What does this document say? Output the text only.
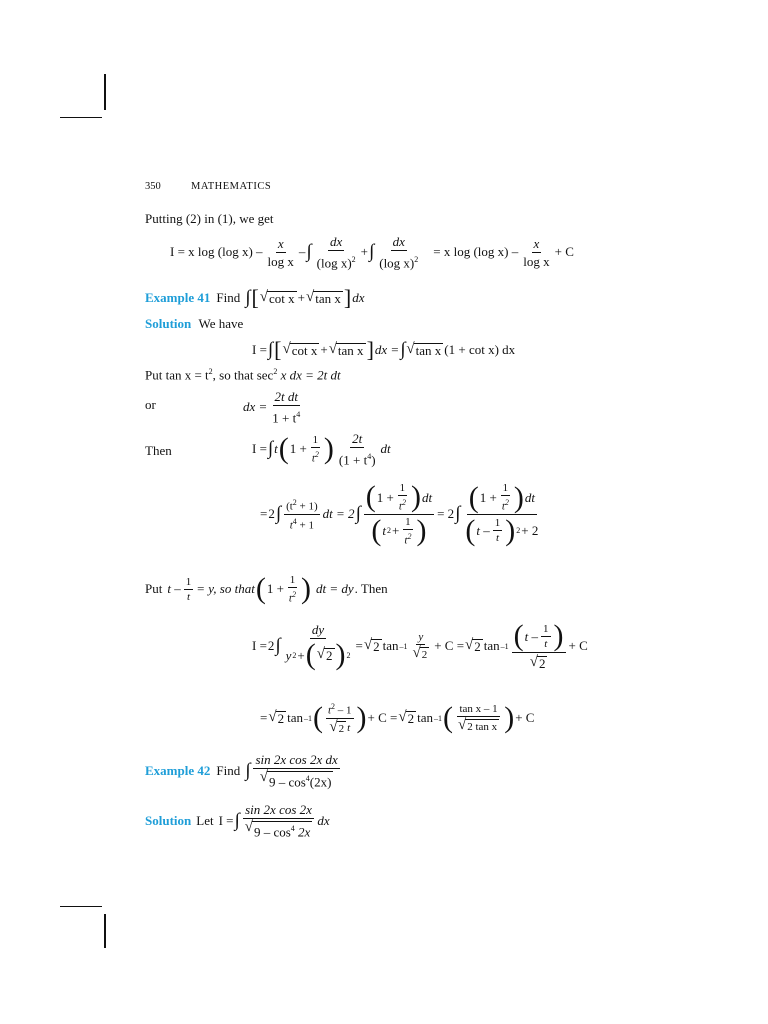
350	MATHEMATICS
Putting (2) in (1), we get
I = x log (log $x) - \frac{x}{\text{log x}}$ – ∫ $\frac{dx}{(\log x)^2}$ + ∫ $\frac{dx}{(\log x)^2} = x$ log (log $x) - \frac{x}{\text{log x}} + C$
Example 41 Find ∫ [ √ cot x + √ tan x ] dx
Solution We have
I = ∫ [ √ cot x + √ tan x ] dx = ∫ √ tan x (1 + cot x) dx
Put $\tan x = t^2$, so that $\sec^2 x$ dx = 2t dt
or	dx = $\frac{\text{2t dt}}{1 + t^4}$
Then	I = ∫ t ( $1 + \frac{1}{t^2}$ ) $\frac{2t}{(1 + t^4)}$ dt
= 2 ∫ $\frac{(t^2 + 1)}{t^4 + 1}$ dt = 2 ∫ $\frac{( 1 + \frac{1}{t^2} ) dt}{( t 2 + \frac{1}{t^2} )} = 2$ ∫ $\frac{( 1 + \frac{1}{t^2} ) dt}{( t - \frac{1}{t} ) 2 + 2}$
Put $t - \frac{1}{t} = y$, so that ( $1 + \frac{1}{t^2}$ ) dt = dy . Then
I = 2 ∫ $\frac{dy}{y 2 + ( √ 2 ) 2}$ = √ 2 $\tan -1 \frac{y}{√ 2} + C$ = √ 2 $\tan -1 \frac{( t - \frac{1}{t} )}{√ 2} + C$
= √ 2 tan –1 ( $\frac{t^2 - 1}{√ 2 t}$ ) + C = √ 2 tan –1 ( $\frac{\text{tan x – 1}}{\text{√ 2 tan x}}$ ) + C
Example 42 Find ∫ $\frac{\text{sin 2x cos 2x dx}}{√ 9 - \cos^4(2x)}$
Solution Let I = ∫ $\frac{\text{sin 2x cos 2x}}{√ 9 - \cos^4 2x}$ dx
